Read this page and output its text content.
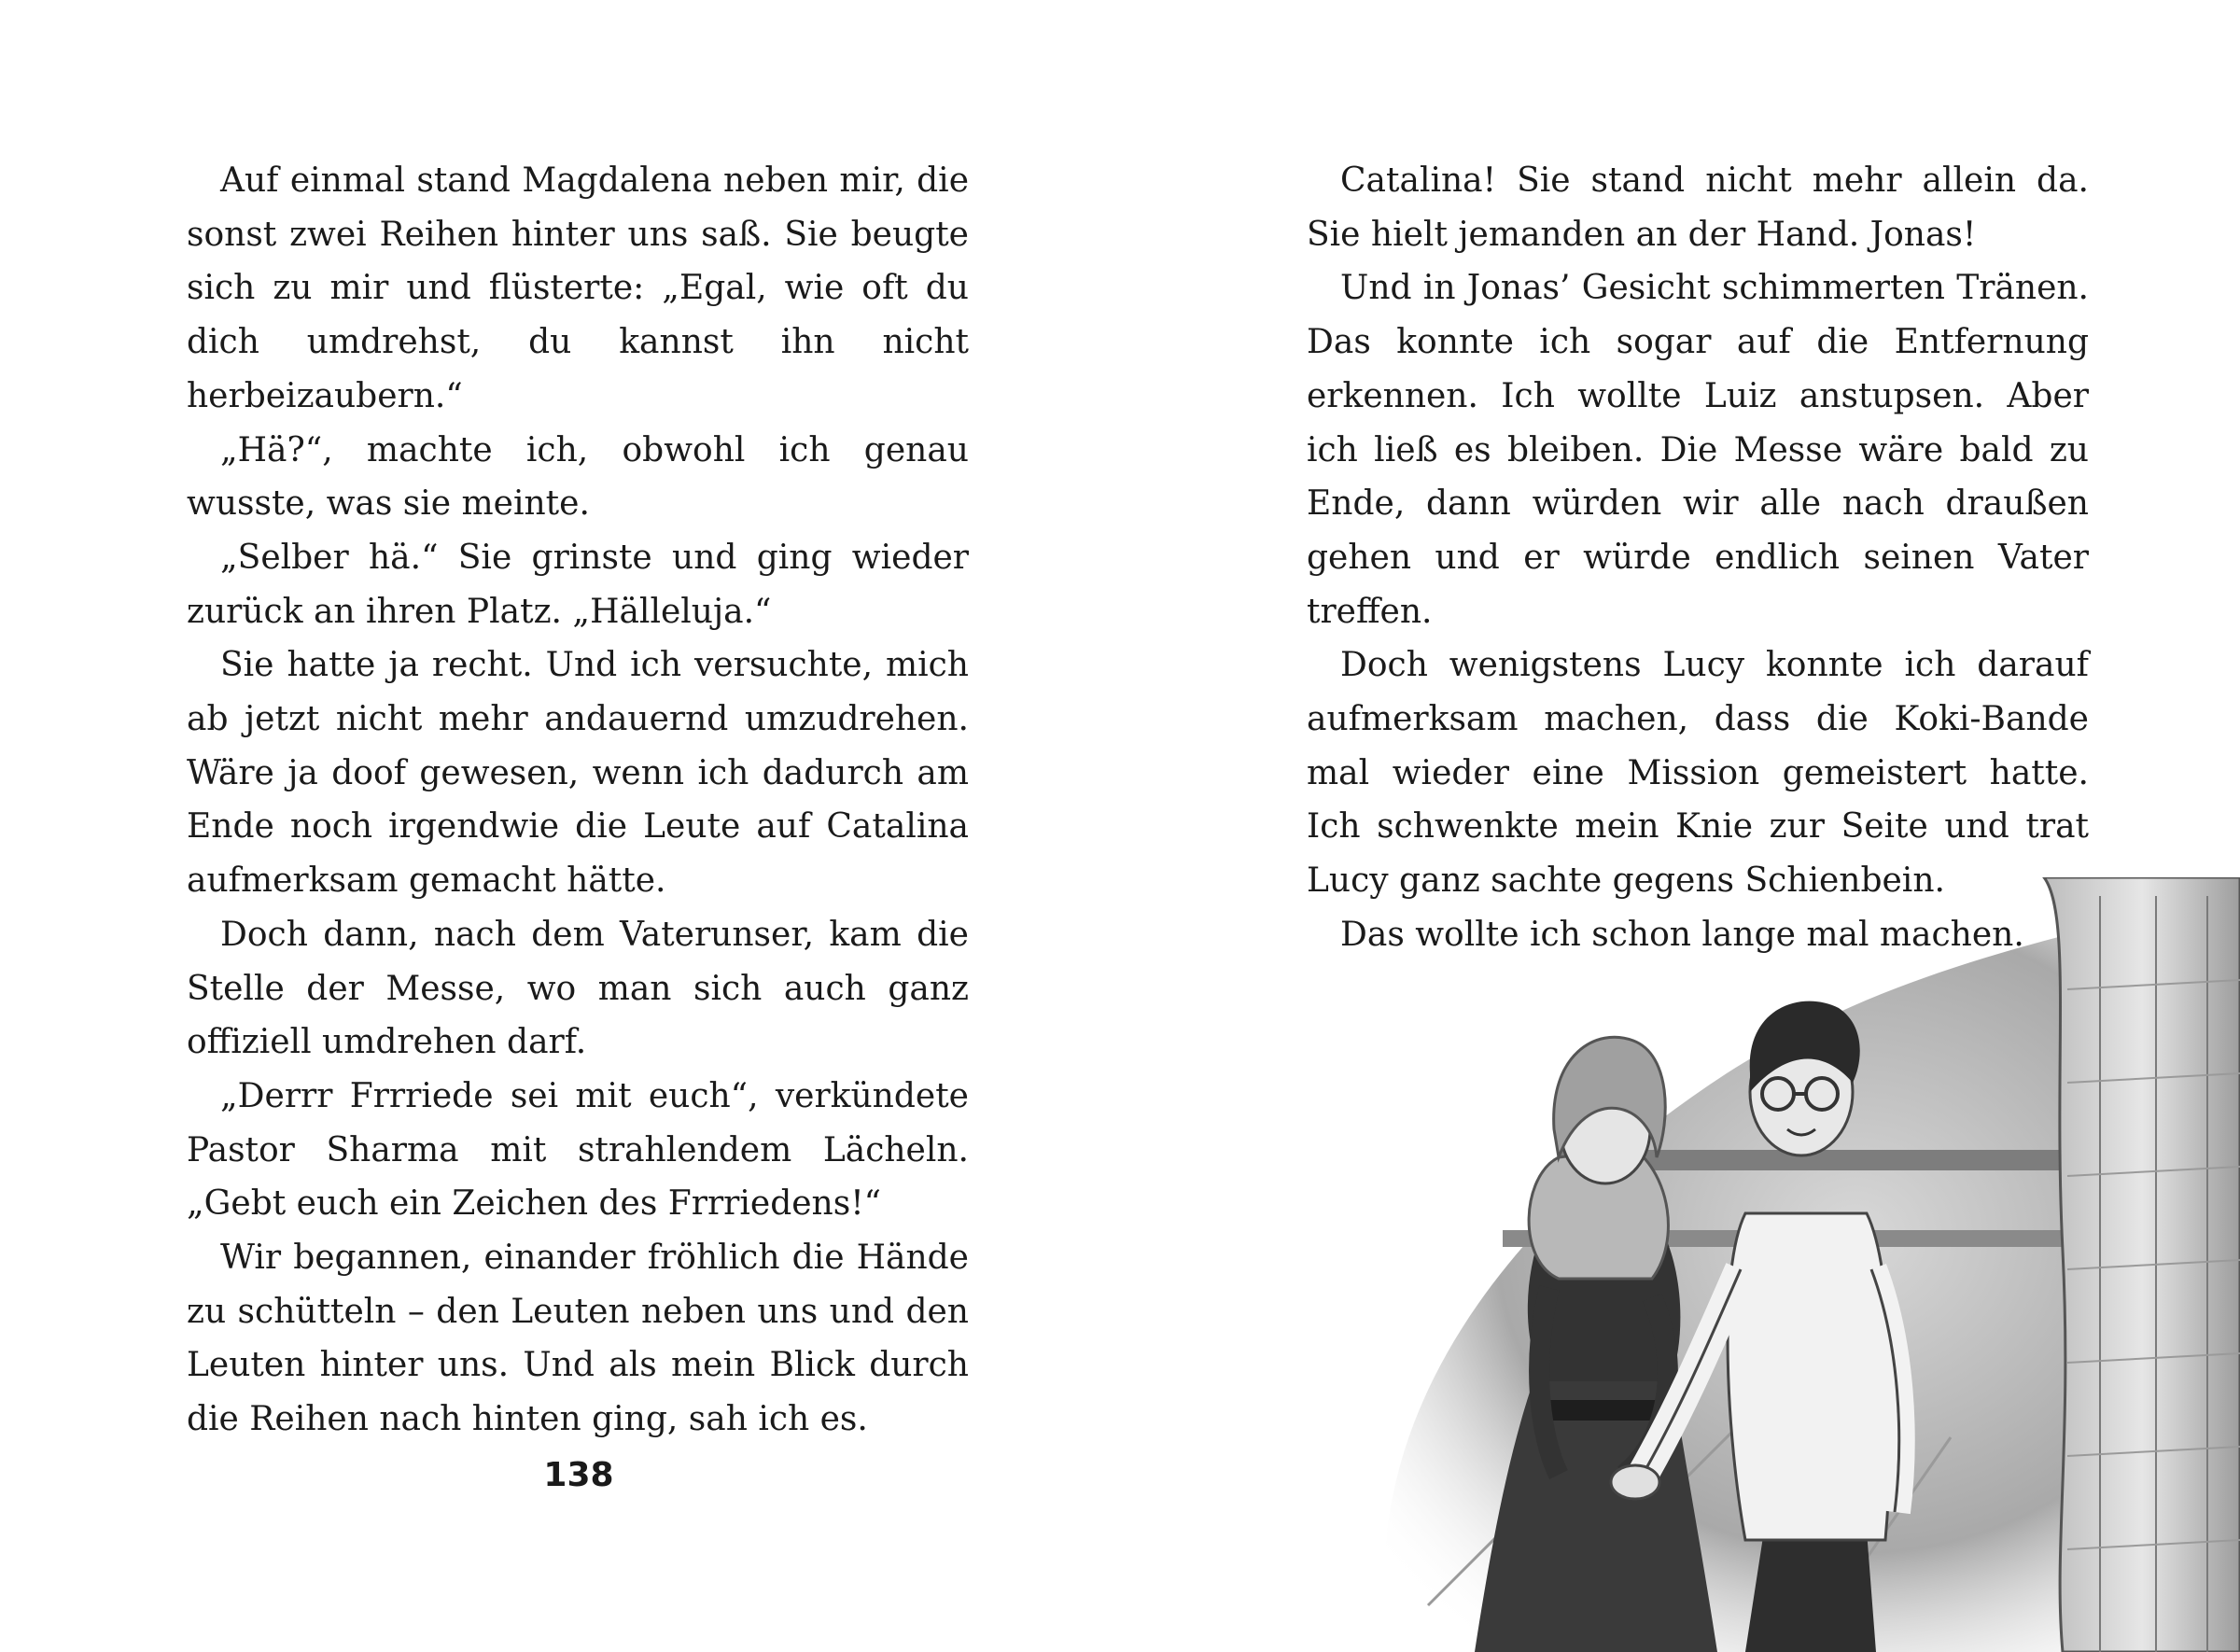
Auf einmal stand Magdalena neben mir, die sonst zwei Reihen hinter uns saß. Sie beugte sich zu mir und flüsterte: „Egal, wie oft du dich umdrehst, du kannst ihn nicht herbeizaubern.“

„Hä?“, machte ich, obwohl ich genau wusste, was sie meinte.

„Selber hä.“ Sie grinste und ging wieder zurück an ihren Platz. „Hälleluja.“

Sie hatte ja recht. Und ich versuchte, mich ab jetzt nicht mehr andauernd umzudrehen. Wäre ja doof gewesen, wenn ich dadurch am Ende noch irgendwie die Leute auf Catalina aufmerksam gemacht hätte.

Doch dann, nach dem Vaterunser, kam die Stelle der Messe, wo man sich auch ganz offiziell umdrehen darf.

„Derrr Frrriede sei mit euch“, verkündete Pastor Sharma mit strahlendem Lächeln. „Gebt euch ein Zeichen des Frrriedens!“

Wir begannen, einander fröhlich die Hände zu schütteln – den Leuten neben uns und den Leuten hinter uns. Und als mein Blick durch die Reihen nach hinten ging, sah ich es.

138

Catalina! Sie stand nicht mehr allein da. Sie hielt jemanden an der Hand. Jonas!

Und in Jonas’ Gesicht schimmerten Tränen. Das konnte ich sogar auf die Entfernung erkennen. Ich wollte Luiz anstupsen. Aber ich ließ es bleiben. Die Messe wäre bald zu Ende, dann würden wir alle nach draußen gehen und er würde endlich seinen Vater treffen.

Doch wenigstens Lucy konnte ich darauf aufmerksam machen, dass die Koki-Bande mal wieder eine Mission gemeistert hatte. Ich schwenkte mein Knie zur Seite und trat Lucy ganz sachte gegens Schienbein.

Das wollte ich schon lange mal machen.
